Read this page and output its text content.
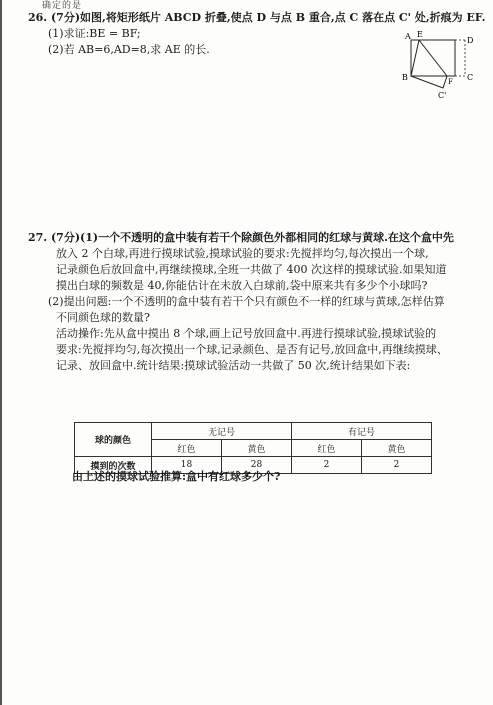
确定的是
26. (7分)如图,将矩形纸片 ABCD 折叠,使点 D 与点 B 重合,点 C 落在点 C' 处,折痕为 EF.
(1)求证:BE = BF;
(2)若 AB=6,AD=8,求 AE 的长.
A E
D
B	F C
C'
27. (7分)(1)一个不透明的盒中装有若干个除颜色外都相同的红球与黄球.在这个盒中先
放入 2 个白球,再进行摸球试验,摸球试验的要求:先搅拌均匀,每次摸出一个球,
记录颜色后放回盒中,再继续摸球,全班一共做了 400 次这样的摸球试验.如果知道
摸出白球的频数是 40,你能估计在未放入白球前,袋中原来共有多少个小球吗?
(2)提出问题:一个不透明的盒中装有若干个只有颜色不一样的红球与黄球,怎样估算
不同颜色球的数量?
活动操作:先从盒中摸出 8 个球,画上记号放回盒中.再进行摸球试验,摸球试验的
要求:先搅拌均匀,每次摸出一个球,记录颜色、是否有记号,放回盒中,再继续摸球、
记录、放回盒中.统计结果:摸球试验活动一共做了 50 次,统计结果如下表:
球的颜色	无记号		有记号	
	红色	黄色	红色	黄色
摸到的次数	18	28	2	2
由上述的摸球试验推算:盒中有红球多少个?
